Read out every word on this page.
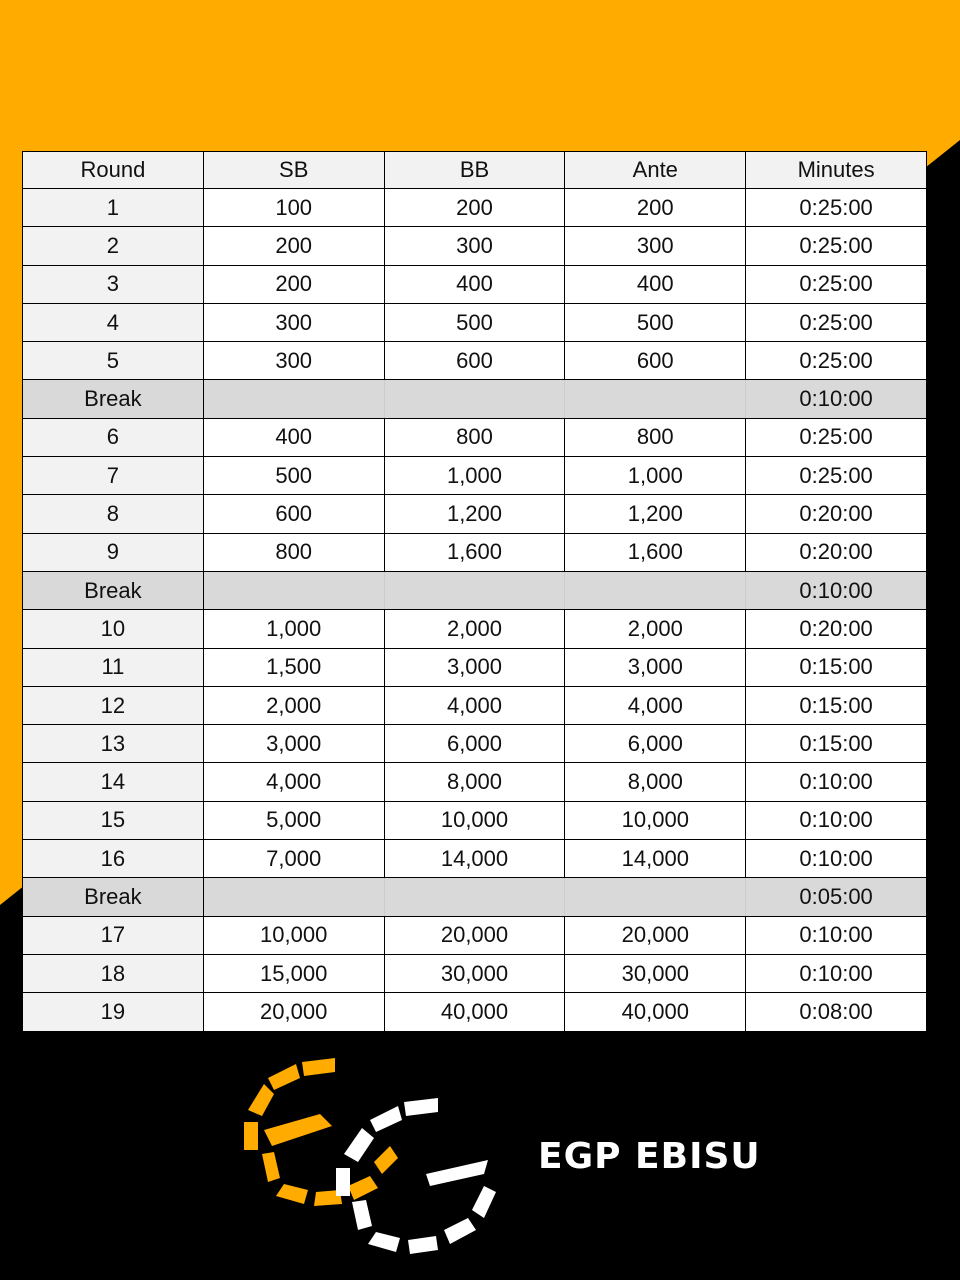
Round	SB	BB	Ante	Minutes
1	100	200	200	0:25:00
2	200	300	300	0:25:00
3	200	400	400	0:25:00
4	300	500	500	0:25:00
5	300	600	600	0:25:00
Break				0:10:00
6	400	800	800	0:25:00
7	500	1,000	1,000	0:25:00
8	600	1,200	1,200	0:20:00
9	800	1,600	1,600	0:20:00
Break				0:10:00
10	1,000	2,000	2,000	0:20:00
11	1,500	3,000	3,000	0:15:00
12	2,000	4,000	4,000	0:15:00
13	3,000	6,000	6,000	0:15:00
14	4,000	8,000	8,000	0:10:00
15	5,000	10,000	10,000	0:10:00
16	7,000	14,000	14,000	0:10:00
Break				0:05:00
17	10,000	20,000	20,000	0:10:00
18	15,000	30,000	30,000	0:10:00
19	20,000	40,000	40,000	0:08:00
EGP EBISU
